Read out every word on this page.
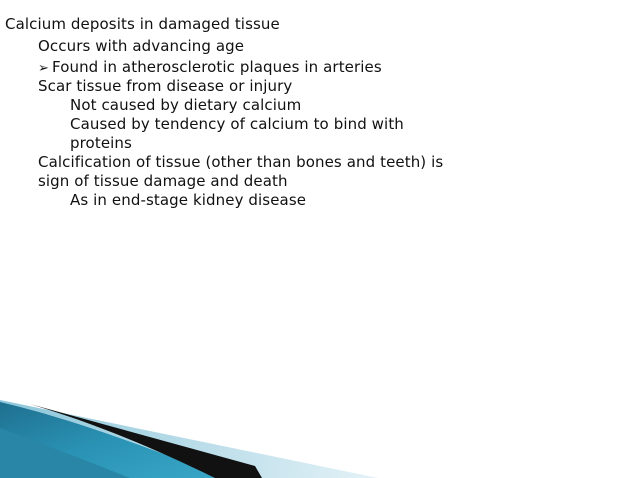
Calcium deposits in damaged tissue
Occurs with advancing age
➢ Found in atherosclerotic plaques in arteries
Scar tissue from disease or injury
Not caused by dietary calcium
Caused by tendency of calcium to bind with
proteins
Calcification of tissue (other than bones and teeth) is
sign of tissue damage and death
As in end-stage kidney disease
